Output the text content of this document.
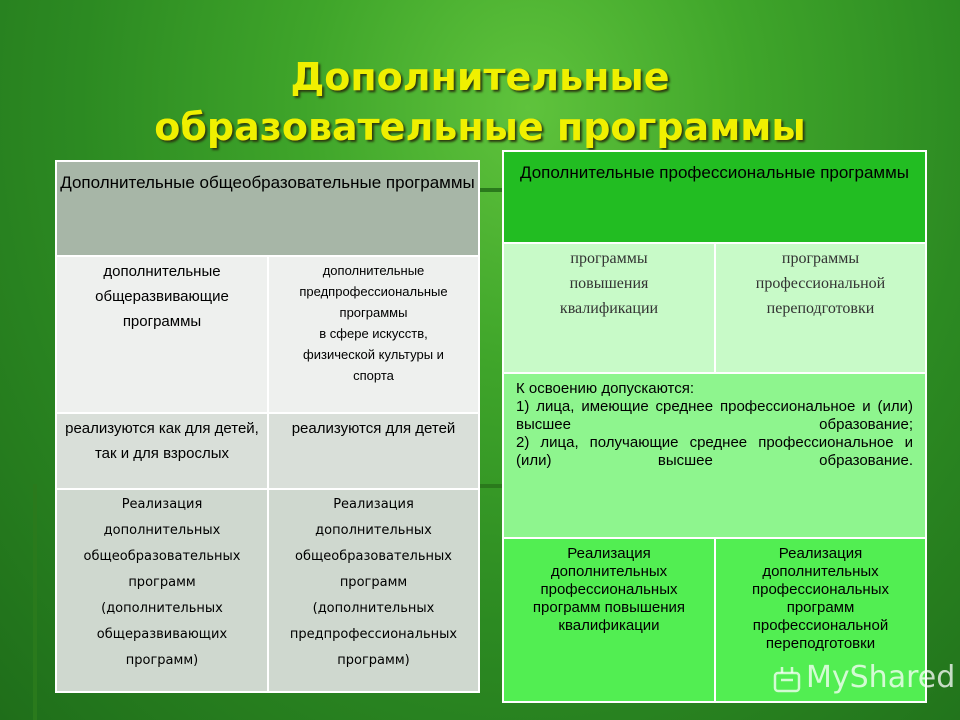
Дополнительные
образовательные программы
Дополнительные общеобразовательные программы
дополнительные общеразвивающие программы
дополнительные
предпрофессиональные
программы
в сфере искусств,
физической культуры и
спорта
реализуются как для детей, так и для взрослых
реализуются для детей
Реализация
дополнительных
общеобразовательных
программ
(дополнительных
общеразвивающих
программ)
Реализация
дополнительных
общеобразовательных
программ
(дополнительных
предпрофессиональных
программ)
Дополнительные профессиональные программы
программы
повышения
квалификации
программы
профессиональной
переподготовки
К освоению допускаются:
1) лица, имеющие среднее профессиональное и (или) высшее образование;
2) лица, получающие среднее профессиональное и (или) высшее образование.
Реализация дополнительных профессиональных программ повышения квалификации
Реализация дополнительных профессиональных программ профессиональной переподготовки
MyShared
